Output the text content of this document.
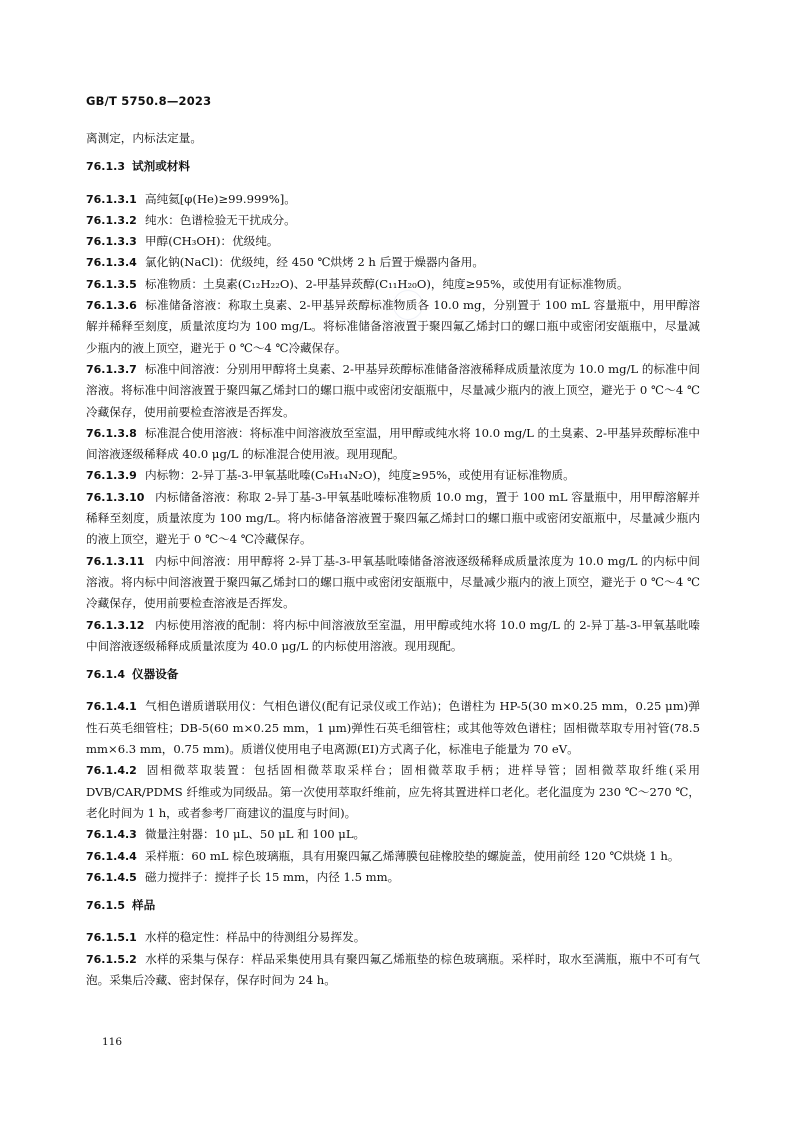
GB/T 5750.8—2023

离测定，内标法定量。

76.1.3 试剂或材料

76.1.3.1 高纯氦[φ(He)≥99.999%]。

76.1.3.2 纯水：色谱检验无干扰成分。

76.1.3.3 甲醇(CH₃OH)：优级纯。

76.1.3.4 氯化钠(NaCl)：优级纯，经 450 ℃烘烤 2 h 后置于燥器内备用。

76.1.3.5 标准物质：土臭素(C₁₂H₂₂O)、2-甲基异莰醇(C₁₁H₂₀O)，纯度≥95%，或使用有证标准物质。

76.1.3.6 标准储备溶液：称取土臭素、2-甲基异莰醇标准物质各 10.0 mg，分别置于 100 mL 容量瓶中，用甲醇溶解并稀释至刻度，质量浓度均为 100 mg/L。将标准储备溶液置于聚四氟乙烯封口的螺口瓶中或密闭安瓿瓶中，尽量减少瓶内的液上顶空，避光于 0 ℃～4 ℃冷藏保存。

76.1.3.7 标准中间溶液：分别用甲醇将土臭素、2-甲基异莰醇标准储备溶液稀释成质量浓度为 10.0 mg/L 的标准中间溶液。将标准中间溶液置于聚四氟乙烯封口的螺口瓶中或密闭安瓿瓶中，尽量减少瓶内的液上顶空，避光于 0 ℃～4 ℃冷藏保存，使用前要检查溶液是否挥发。

76.1.3.8 标准混合使用溶液：将标准中间溶液放至室温，用甲醇或纯水将 10.0 mg/L 的土臭素、2-甲基异莰醇标准中间溶液逐级稀释成 40.0 μg/L 的标准混合使用液。现用现配。

76.1.3.9 内标物：2-异丁基-3-甲氧基吡嗪(C₉H₁₄N₂O)，纯度≥95%，或使用有证标准物质。

76.1.3.10 内标储备溶液：称取 2-异丁基-3-甲氧基吡嗪标准物质 10.0 mg，置于 100 mL 容量瓶中，用甲醇溶解并稀释至刻度，质量浓度为 100 mg/L。将内标储备溶液置于聚四氟乙烯封口的螺口瓶中或密闭安瓿瓶中，尽量减少瓶内的液上顶空，避光于 0 ℃～4 ℃冷藏保存。

76.1.3.11 内标中间溶液：用甲醇将 2-异丁基-3-甲氧基吡嗪储备溶液逐级稀释成质量浓度为 10.0 mg/L 的内标中间溶液。将内标中间溶液置于聚四氟乙烯封口的螺口瓶中或密闭安瓿瓶中，尽量减少瓶内的液上顶空，避光于 0 ℃～4 ℃冷藏保存，使用前要检查溶液是否挥发。

76.1.3.12 内标使用溶液的配制：将内标中间溶液放至室温，用甲醇或纯水将 10.0 mg/L 的 2-异丁基-3-甲氧基吡嗪中间溶液逐级稀释成质量浓度为 40.0 μg/L 的内标使用溶液。现用现配。

76.1.4 仪器设备

76.1.4.1 气相色谱质谱联用仪：气相色谱仪(配有记录仪或工作站)；色谱柱为 HP-5(30 m×0.25 mm，0.25 μm)弹性石英毛细管柱；DB-5(60 m×0.25 mm，1 μm)弹性石英毛细管柱；或其他等效色谱柱；固相微萃取专用衬管(78.5 mm×6.3 mm，0.75 mm)。质谱仪使用电子电离源(EI)方式离子化，标准电子能量为 70 eV。

76.1.4.2 固相微萃取装置：包括固相微萃取采样台；固相微萃取手柄；进样导管；固相微萃取纤维(采用 DVB/CAR/PDMS 纤维或为同级品。第一次使用萃取纤维前，应先将其置进样口老化。老化温度为 230 ℃～270 ℃，老化时间为 1 h，或者参考厂商建议的温度与时间)。

76.1.4.3 微量注射器：10 μL、50 μL 和 100 μL。

76.1.4.4 采样瓶：60 mL 棕色玻璃瓶，具有用聚四氟乙烯薄膜包硅橡胶垫的螺旋盖，使用前经 120 ℃烘烧 1 h。

76.1.4.5 磁力搅拌子：搅拌子长 15 mm，内径 1.5 mm。

76.1.5 样品

76.1.5.1 水样的稳定性：样品中的待测组分易挥发。

76.1.5.2 水样的采集与保存：样品采集使用具有聚四氟乙烯瓶垫的棕色玻璃瓶。采样时，取水至满瓶，瓶中不可有气泡。采集后冷藏、密封保存，保存时间为 24 h。

116
